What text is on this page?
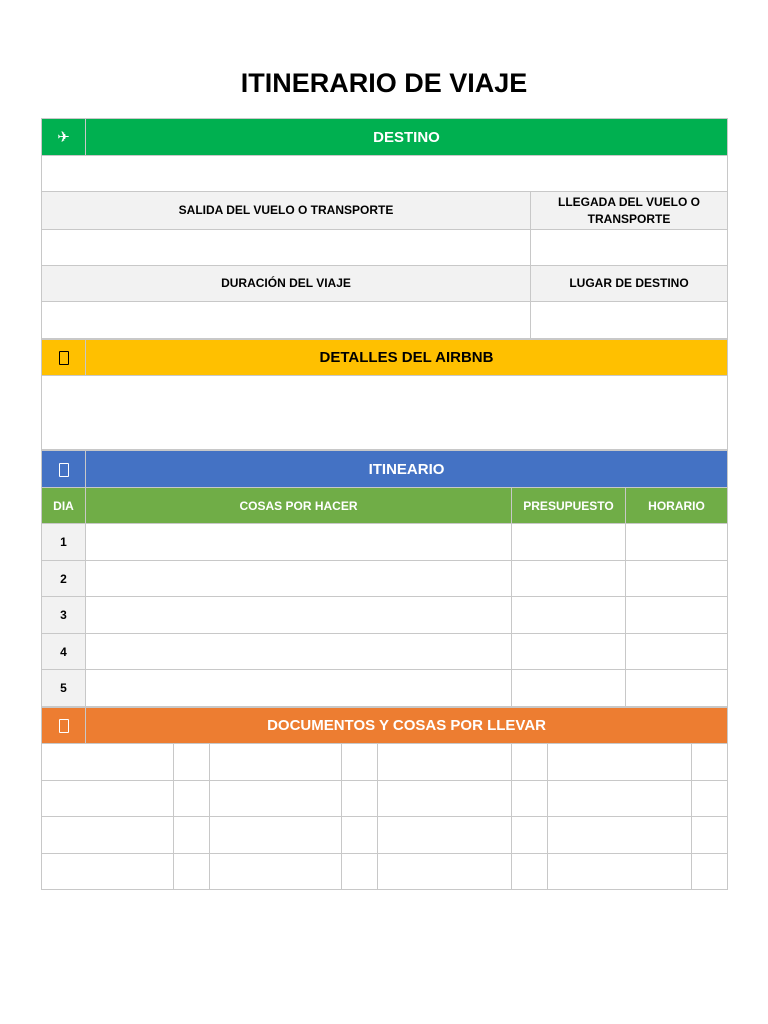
ITINERARIO DE VIAJE
✈	DESTINO	

SALIDA DEL VUELO O TRANSPORTE		LLEGADA DEL VUELO O TRANSPORTE

DURACIÓN DEL VIAJE		LUGAR DE DESTINO

	DETALLES DEL AIRBNB

	ITINEARIO		
DIA	COSAS POR HACER	PRESUPUESTO	HORARIO
1			
2			
3			
4			
5			
	DOCUMENTOS Y COSAS POR LLEVAR							
